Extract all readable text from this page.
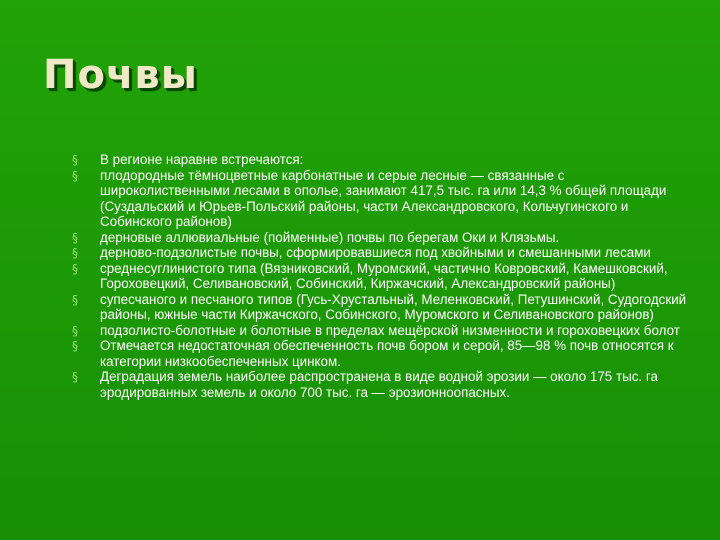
Почвы
§ В регионе наравне встречаются:
§ плодородные тёмноцветные карбонатные и серые лесные — связанные с широколиственными лесами в ополье, занимают 417,5 тыс. га или 14,3 % общей площади (Суздальский и Юрьев-Польский районы, части Александровского, Кольчугинского и Собинского районов)
§ дерновые аллювиальные (пойменные) почвы по берегам Оки и Клязьмы.
§ дерново-подзолистые почвы, сформировавшиеся под хвойными и смешанными лесами
§ среднесуглинистого типа (Вязниковский, Муромский, частично Ковровский, Камешковский, Гороховецкий, Селивановский, Собинский, Киржачский, Александровский районы)
§ супесчаного и песчаного типов (Гусь-Хрустальный, Меленковский, Петушинский, Судогодский районы, южные части Киржачского, Собинского, Муромского и Селивановского районов)
§ подзолисто-болотные и болотные в пределах мещёрской низменности и гороховецких болот
§ Отмечается недостаточная обеспеченность почв бором и серой, 85—98 % почв относятся к категории низкообеспеченных цинком.
§ Деградация земель наиболее распространена в виде водной эрозии — около 175 тыс. га эродированных земель и около 700 тыс. га — эрозионноопасных.
